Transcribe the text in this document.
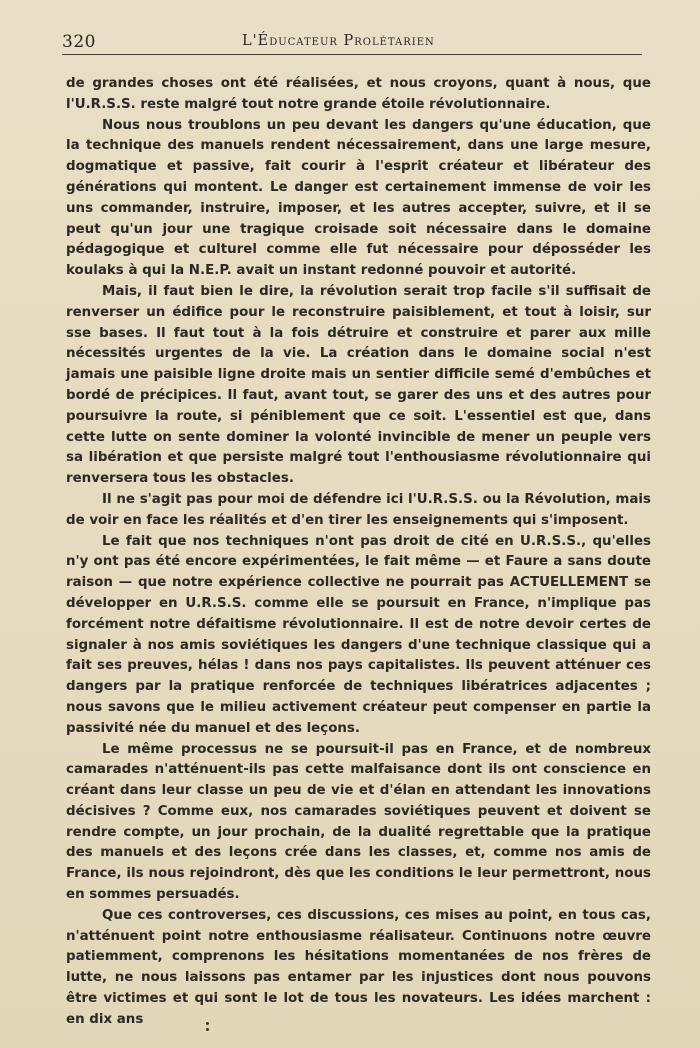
320	L'Éducateur Prolétarien

de grandes choses ont été réalisées, et nous croyons, quant à nous, que l'U.R.S.S. reste malgré tout notre grande étoile révolutionnaire.

Nous nous troublons un peu devant les dangers qu'une éducation, que la technique des manuels rendent nécessairement, dans une large mesure, dogmatique et passive, fait courir à l'esprit créateur et libérateur des générations qui montent. Le danger est certainement immense de voir les uns commander, instruire, imposer, et les autres accepter, suivre, et il se peut qu'un jour une tragique croisade soit nécessaire dans le domaine pédagogique et culturel comme elle fut nécessaire pour déposséder les koulaks à qui la N.E.P. avait un instant redonné pouvoir et autorité.

Mais, il faut bien le dire, la révolution serait trop facile s'il suffisait de renverser un édifice pour le reconstruire paisiblement, et tout à loisir, sur sse bases. Il faut tout à la fois détruire et construire et parer aux mille nécessités urgentes de la vie. La création dans le domaine social n'est jamais une paisible ligne droite mais un sentier difficile semé d'embûches et bordé de précipices. Il faut, avant tout, se garer des uns et des autres pour poursuivre la route, si péniblement que ce soit. L'essentiel est que, dans cette lutte on sente dominer la volonté invincible de mener un peuple vers sa libération et que persiste malgré tout l'enthousiasme révolutionnaire qui renversera tous les obstacles.

Il ne s'agit pas pour moi de défendre ici l'U.R.S.S. ou la Révolution, mais de voir en face les réalités et d'en tirer les enseignements qui s'imposent.

Le fait que nos techniques n'ont pas droit de cité en U.R.S.S., qu'elles n'y ont pas été encore expérimentées, le fait même — et Faure a sans doute raison — que notre expérience collective ne pourrait pas ACTUELLEMENT se développer en U.R.S.S. comme elle se poursuit en France, n'implique pas forcément notre défaitisme révolutionnaire. Il est de notre devoir certes de signaler à nos amis soviétiques les dangers d'une technique classique qui a fait ses preuves, hélas ! dans nos pays capitalistes. Ils peuvent atténuer ces dangers par la pratique renforcée de techniques libératrices adjacentes ; nous savons que le milieu activement créateur peut compenser en partie la passivité née du manuel et des leçons.

Le même processus ne se poursuit-il pas en France, et de nombreux camarades n'atténuent-ils pas cette malfaisance dont ils ont conscience en créant dans leur classe un peu de vie et d'élan en attendant les innovations décisives ? Comme eux, nos camarades soviétiques peuvent et doivent se rendre compte, un jour prochain, de la dualité regrettable que la pratique des manuels et des leçons crée dans les classes, et, comme nos amis de France, ils nous rejoindront, dès que les conditions le leur permettront, nous en sommes persuadés.

Que ces controverses, ces discussions, ces mises au point, en tous cas, n'atténuent point notre enthousiasme réalisateur. Continuons notre œuvre patiemment, comprenons les hésitations momentanées de nos frères de lutte, ne nous laissons pas entamer par les injustices dont nous pouvons être victimes et qui sont le lot de tous les novateurs. Les idées marchent : en dix ans
